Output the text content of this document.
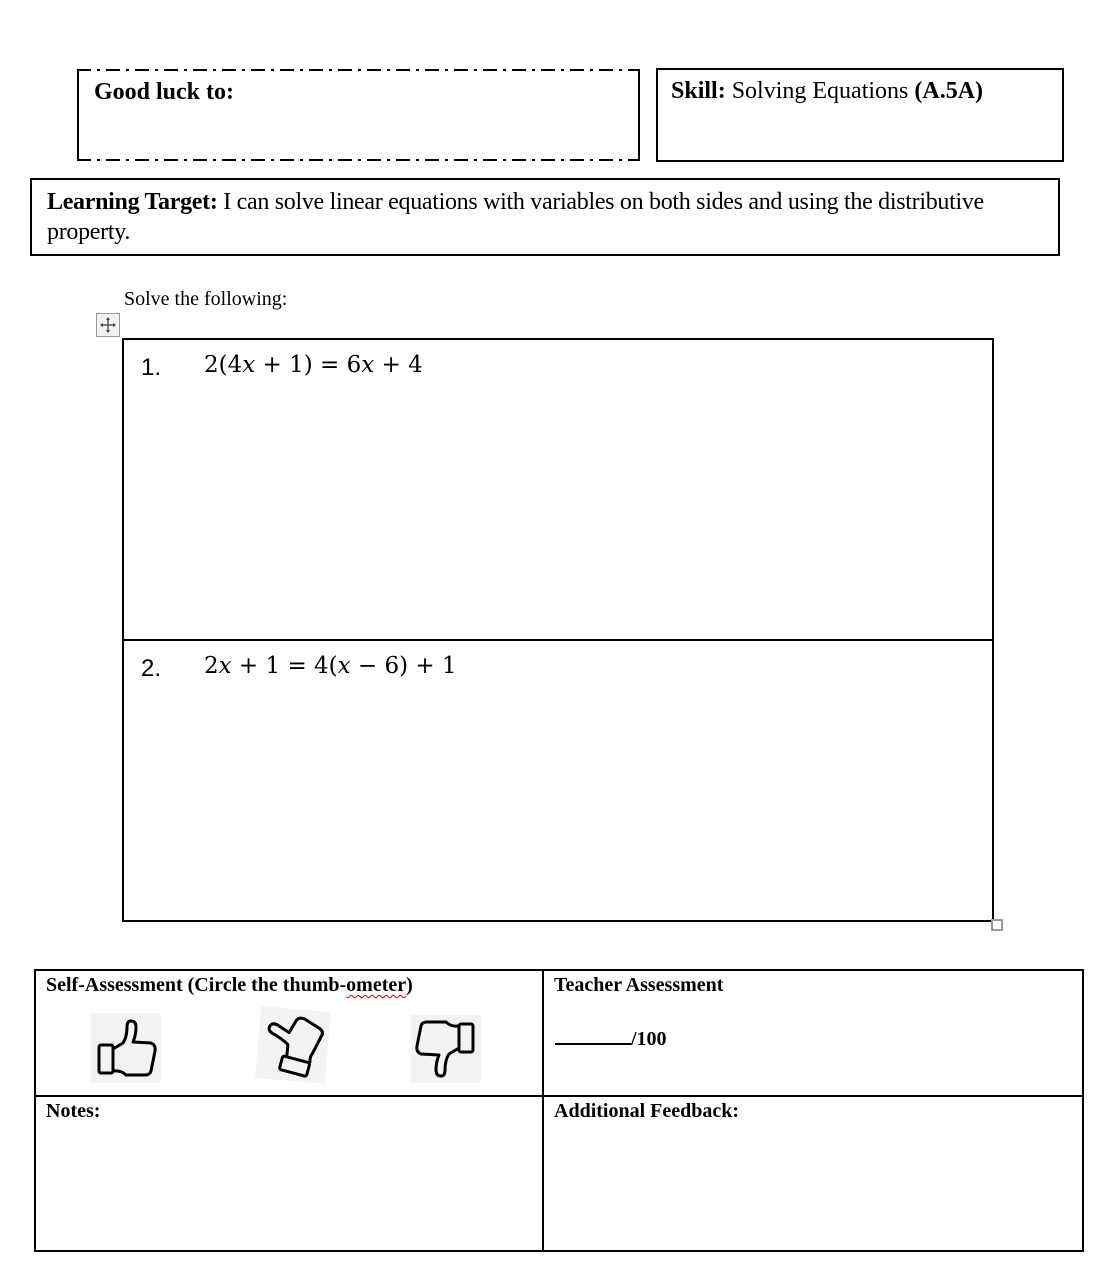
Good luck to:	Skill: Solving Equations (A.5A)
Learning Target: I can solve linear equations with variables on both sides and using the distributive property.
Solve the following:
1. 2(4𝑥 + 1) = 6𝑥 + 4
2. 2𝑥 + 1 = 4(𝑥 − 6) + 1
Self-Assessment (Circle the thumb-ometer)	Teacher Assessment
/100
Notes:	Additional Feedback:
